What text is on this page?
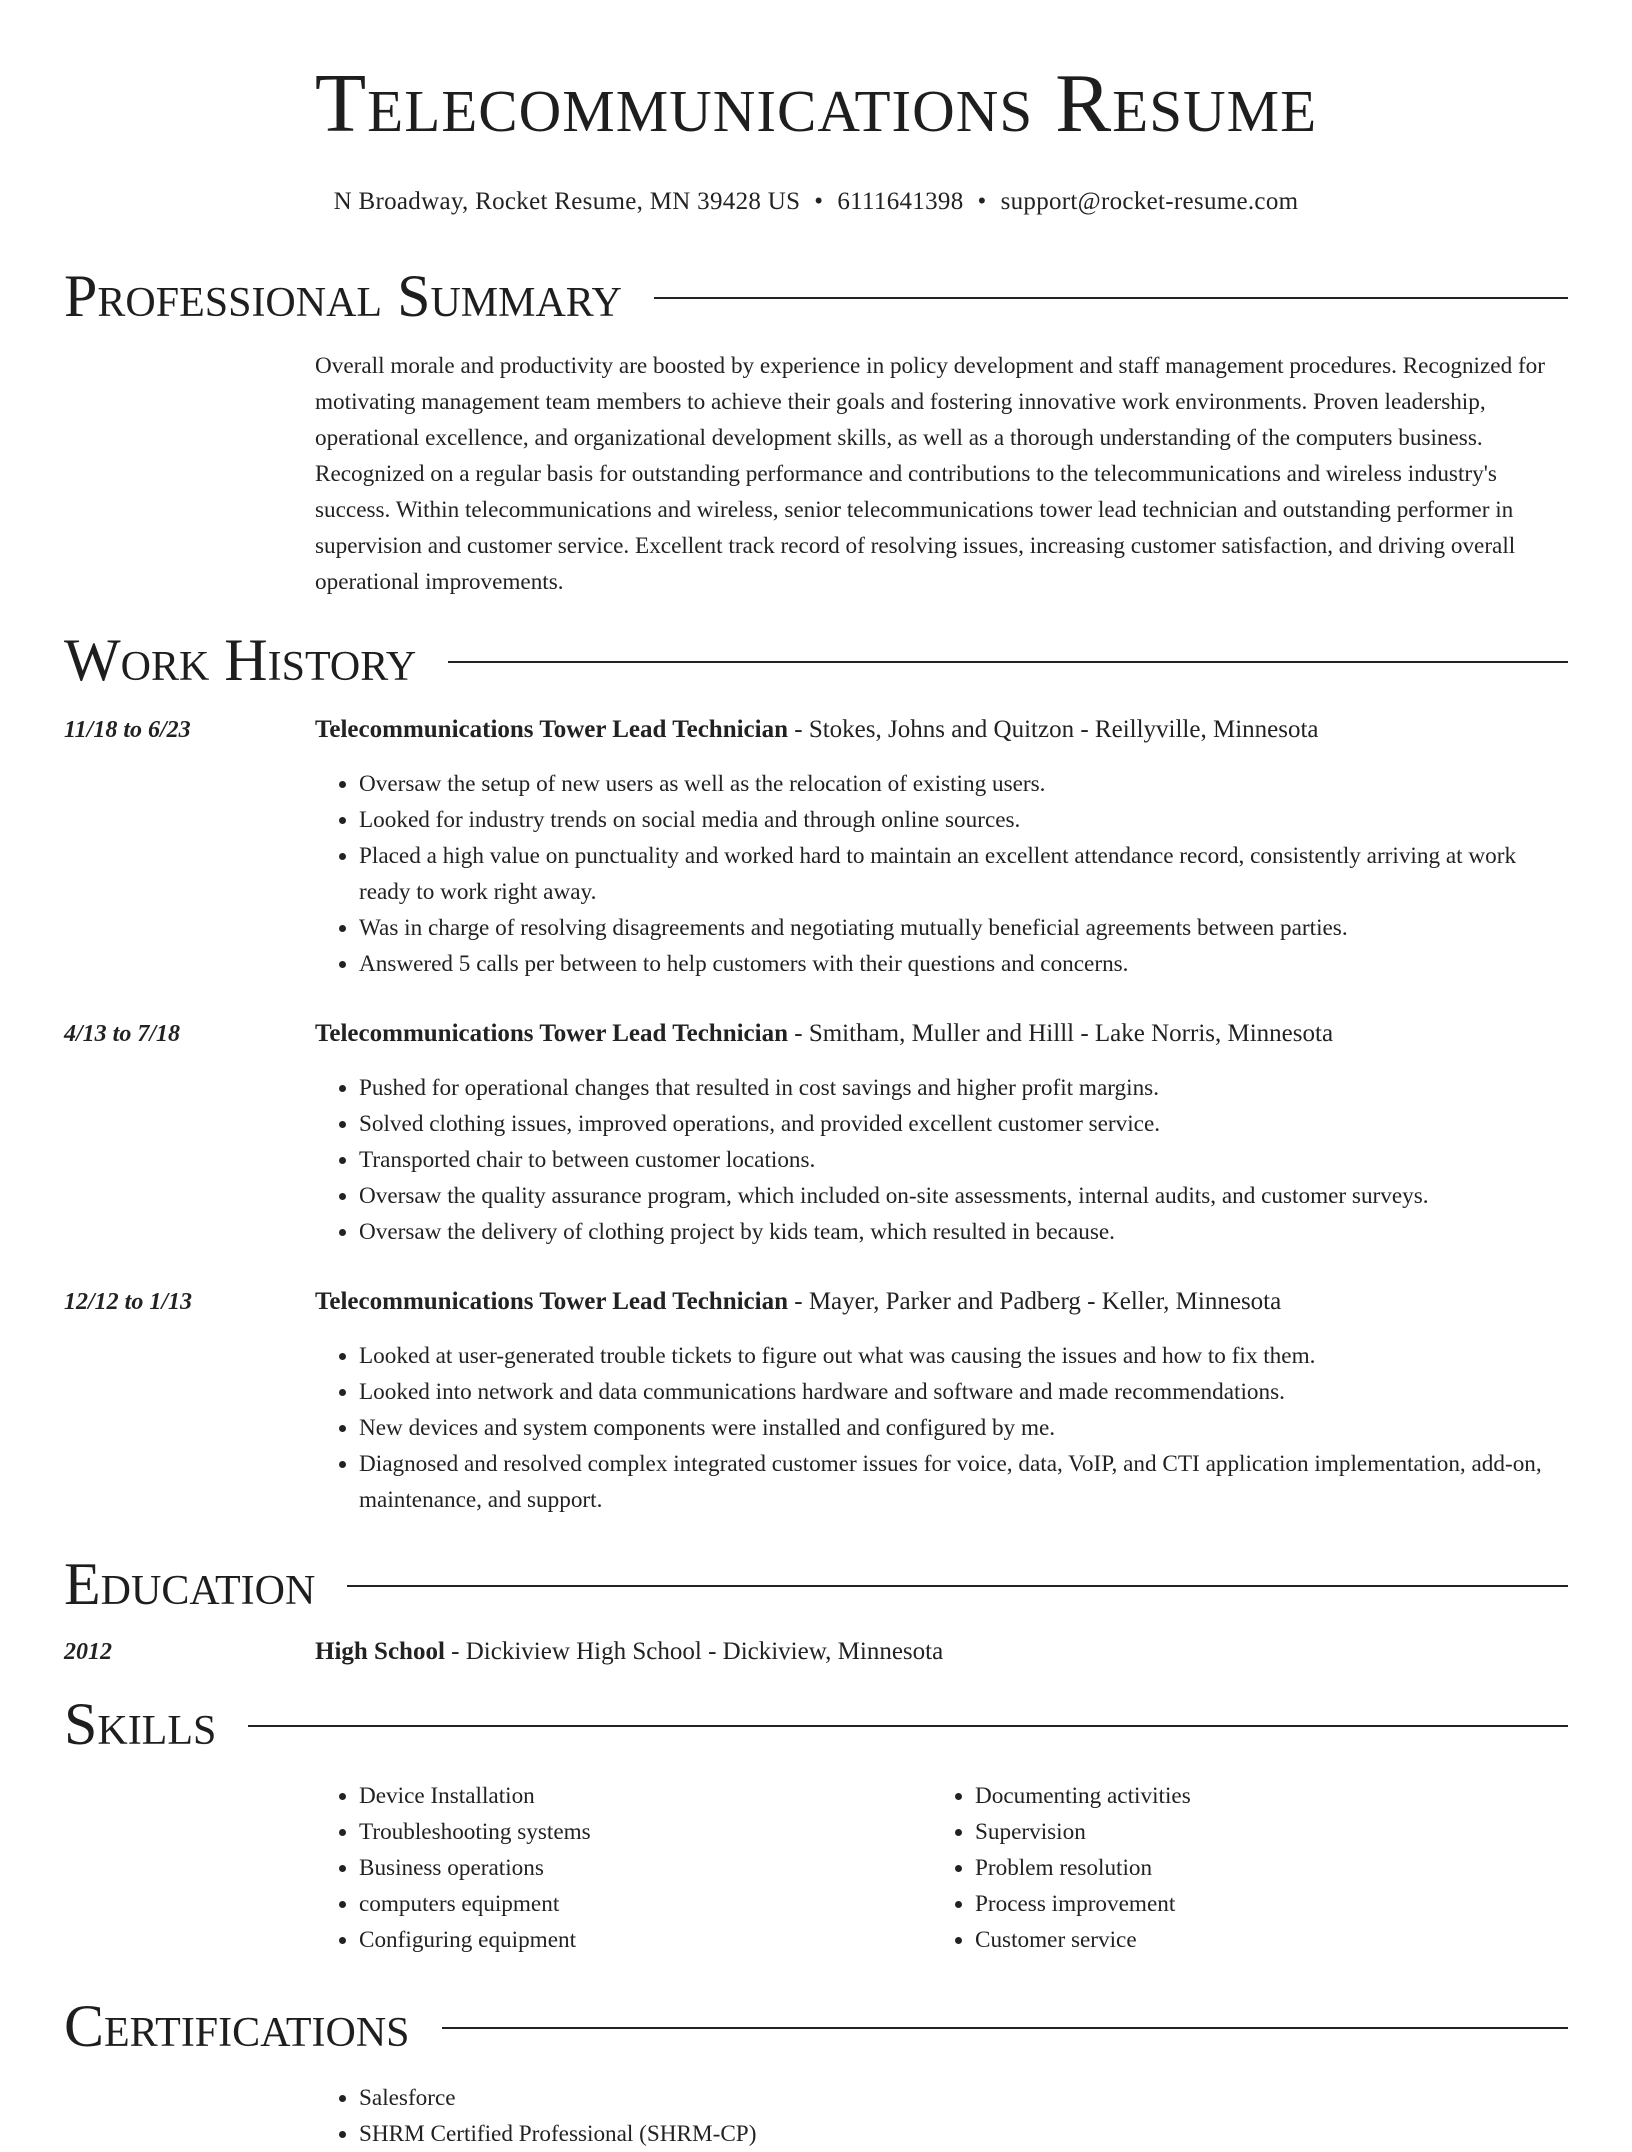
Telecommunications Resume
N Broadway, Rocket Resume, MN 39428 US • 6111641398 • support@rocket-resume.com
Professional Summary
Overall morale and productivity are boosted by experience in policy development and staff management procedures. Recognized for motivating management team members to achieve their goals and fostering innovative work environments. Proven leadership, operational excellence, and organizational development skills, as well as a thorough understanding of the computers business. Recognized on a regular basis for outstanding performance and contributions to the telecommunications and wireless industry's success. Within telecommunications and wireless, senior telecommunications tower lead technician and outstanding performer in supervision and customer service. Excellent track record of resolving issues, increasing customer satisfaction, and driving overall operational improvements.
Work History
11/18 to 6/23	Telecommunications Tower Lead Technician - Stokes, Johns and Quitzon - Reillyville, Minnesota
• Oversaw the setup of new users as well as the relocation of existing users.
• Looked for industry trends on social media and through online sources.
• Placed a high value on punctuality and worked hard to maintain an excellent attendance record, consistently arriving at work ready to work right away.
• Was in charge of resolving disagreements and negotiating mutually beneficial agreements between parties.
• Answered 5 calls per between to help customers with their questions and concerns.
4/13 to 7/18	Telecommunications Tower Lead Technician - Smitham, Muller and Hilll - Lake Norris, Minnesota
• Pushed for operational changes that resulted in cost savings and higher profit margins.
• Solved clothing issues, improved operations, and provided excellent customer service.
• Transported chair to between customer locations.
• Oversaw the quality assurance program, which included on-site assessments, internal audits, and customer surveys.
• Oversaw the delivery of clothing project by kids team, which resulted in because.
12/12 to 1/13	Telecommunications Tower Lead Technician - Mayer, Parker and Padberg - Keller, Minnesota
• Looked at user-generated trouble tickets to figure out what was causing the issues and how to fix them.
• Looked into network and data communications hardware and software and made recommendations.
• New devices and system components were installed and configured by me.
• Diagnosed and resolved complex integrated customer issues for voice, data, VoIP, and CTI application implementation, add-on, maintenance, and support.
Education
2012	High School - Dickiview High School - Dickiview, Minnesota
Skills
• Device Installation
• Troubleshooting systems
• Business operations
• computers equipment
• Configuring equipment
• Documenting activities
• Supervision
• Problem resolution
• Process improvement
• Customer service
Certifications
• Salesforce
• SHRM Certified Professional (SHRM-CP)
